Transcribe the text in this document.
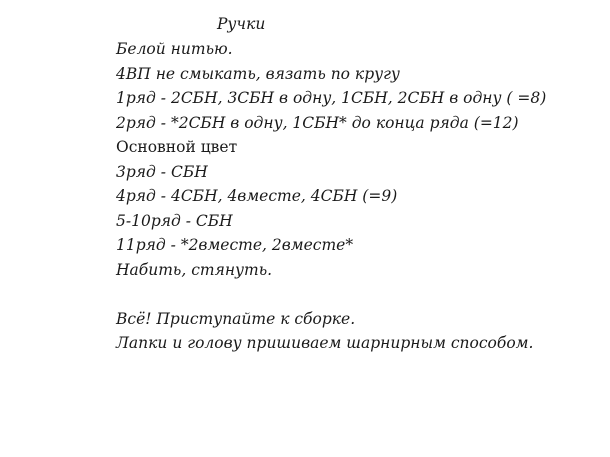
Ручки
Белой нитью.
4ВП не смыкать, вязать по кругу
1ряд - 2СБН, 3СБН в одну, 1СБН, 2СБН в одну ( =8)
2ряд - *2СБН в одну, 1СБН* до конца ряда (=12)
Основной цвет
3ряд - СБН
4ряд - 4СБН, 4вместе, 4СБН (=9)
5-10ряд - СБН
11ряд - *2вместе, 2вместе*
Набить, стянуть.
Всё! Приступайте к сборке.
Лапки и голову пришиваем шарнирным способом.
